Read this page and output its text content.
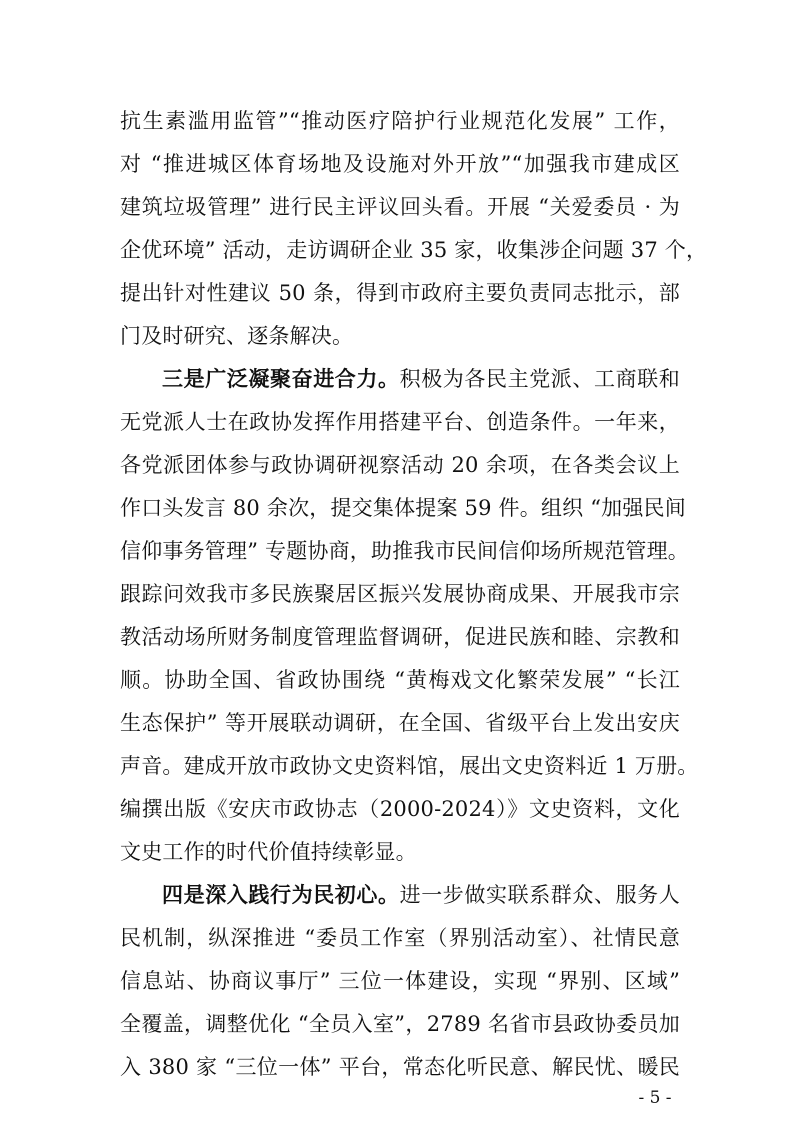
抗生素滥用监管”“推动医疗陪护行业规范化发展” 工作，
对 “推进城区体育场地及设施对外开放”“加强我市建成区
建筑垃圾管理” 进行民主评议回头看。开展 “关爱委员 · 为
企优环境” 活动，走访调研企业 35 家，收集涉企问题 37 个，
提出针对性建议 50 条，得到市政府主要负责同志批示，部
门及时研究、逐条解决。
三是广泛凝聚奋进合力。积极为各民主党派、工商联和
无党派人士在政协发挥作用搭建平台、创造条件。一年来，
各党派团体参与政协调研视察活动 20 余项，在各类会议上
作口头发言 80 余次，提交集体提案 59 件。组织 “加强民间
信仰事务管理” 专题协商，助推我市民间信仰场所规范管理。
跟踪问效我市多民族聚居区振兴发展协商成果、开展我市宗
教活动场所财务制度管理监督调研，促进民族和睦、宗教和
顺。协助全国、省政协围绕 “黄梅戏文化繁荣发展” “长江
生态保护” 等开展联动调研，在全国、省级平台上发出安庆
声音。建成开放市政协文史资料馆，展出文史资料近 1 万册。
编撰出版《安庆市政协志（2000-2024）》文史资料，文化
文史工作的时代价值持续彰显。
四是深入践行为民初心。进一步做实联系群众、服务人
民机制，纵深推进 “委员工作室（界别活动室）、社情民意
信息站、协商议事厅” 三位一体建设，实现 “界别、区域”
全覆盖，调整优化 “全员入室”，2789 名省市县政协委员加
入 380 家 “三位一体” 平台，常态化听民意、解民忧、暖民
- 5 -
